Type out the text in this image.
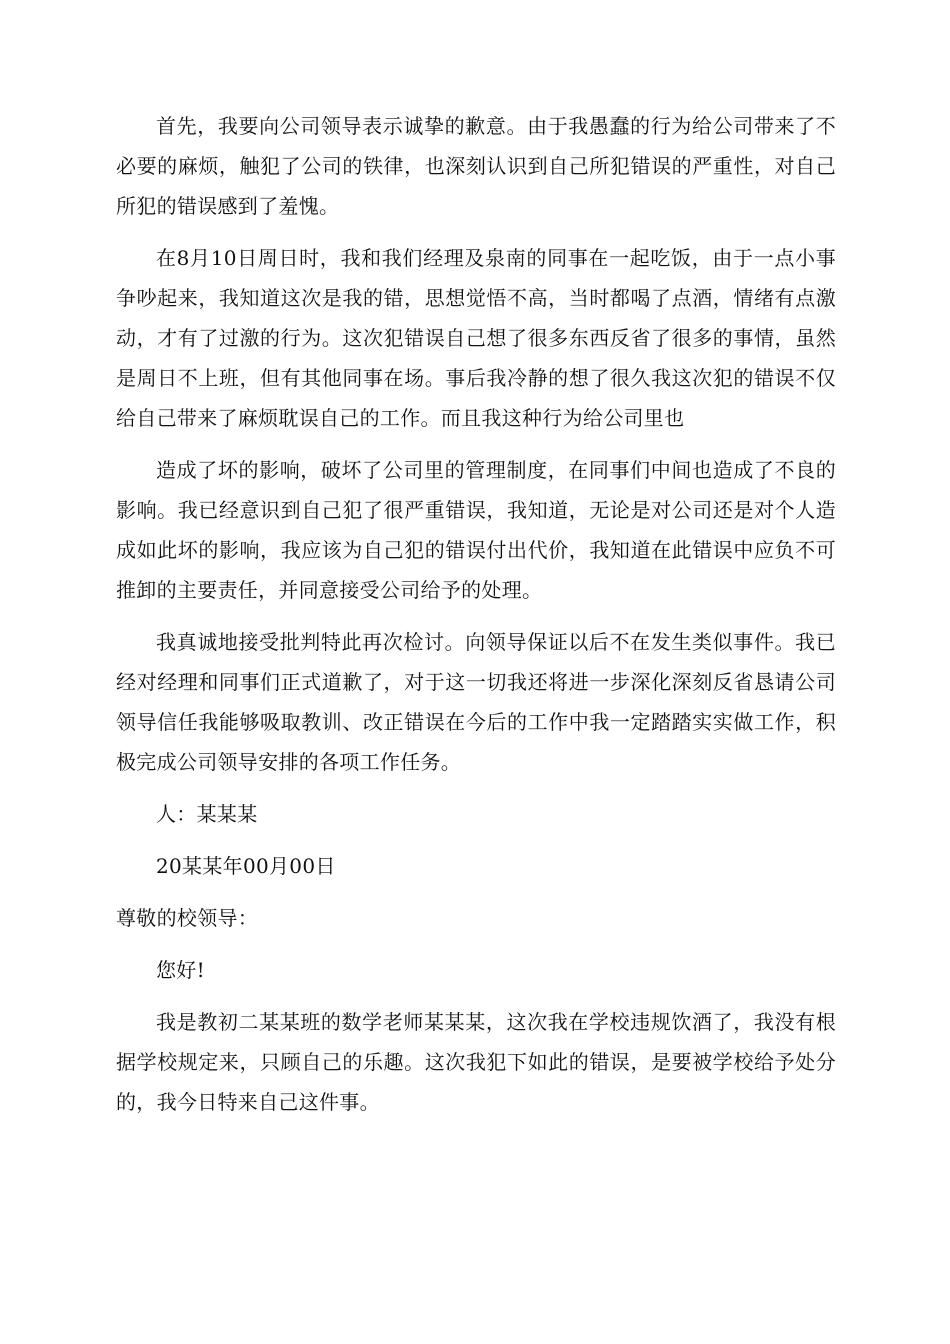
首先，我要向公司领导表示诚挚的歉意。由于我愚蠢的行为给公司带来了不必要的麻烦，触犯了公司的铁律，也深刻认识到自己所犯错误的严重性，对自己所犯的错误感到了羞愧。

在8月10日周日时，我和我们经理及泉南的同事在一起吃饭，由于一点小事争吵起来，我知道这次是我的错，思想觉悟不高，当时都喝了点酒，情绪有点激动，才有了过激的行为。这次犯错误自己想了很多东西反省了很多的事情，虽然是周日不上班，但有其他同事在场。事后我冷静的想了很久我这次犯的错误不仅给自己带来了麻烦耽误自己的工作。而且我这种行为给公司里也

造成了坏的影响，破坏了公司里的管理制度，在同事们中间也造成了不良的影响。我已经意识到自己犯了很严重错误，我知道，无论是对公司还是对个人造成如此坏的影响，我应该为自己犯的错误付出代价，我知道在此错误中应负不可推卸的主要责任，并同意接受公司给予的处理。

我真诚地接受批判特此再次检讨。向领导保证以后不在发生类似事件。我已经对经理和同事们正式道歉了，对于这一切我还将进一步深化深刻反省恳请公司领导信任我能够吸取教训、改正错误在今后的工作中我一定踏踏实实做工作，积极完成公司领导安排的各项工作任务。

人：某某某

20某某年00月00日

尊敬的校领导：

您好!

我是教初二某某班的数学老师某某某，这次我在学校违规饮酒了，我没有根据学校规定来，只顾自己的乐趣。这次我犯下如此的错误，是要被学校给予处分的，我今日特来自己这件事。
